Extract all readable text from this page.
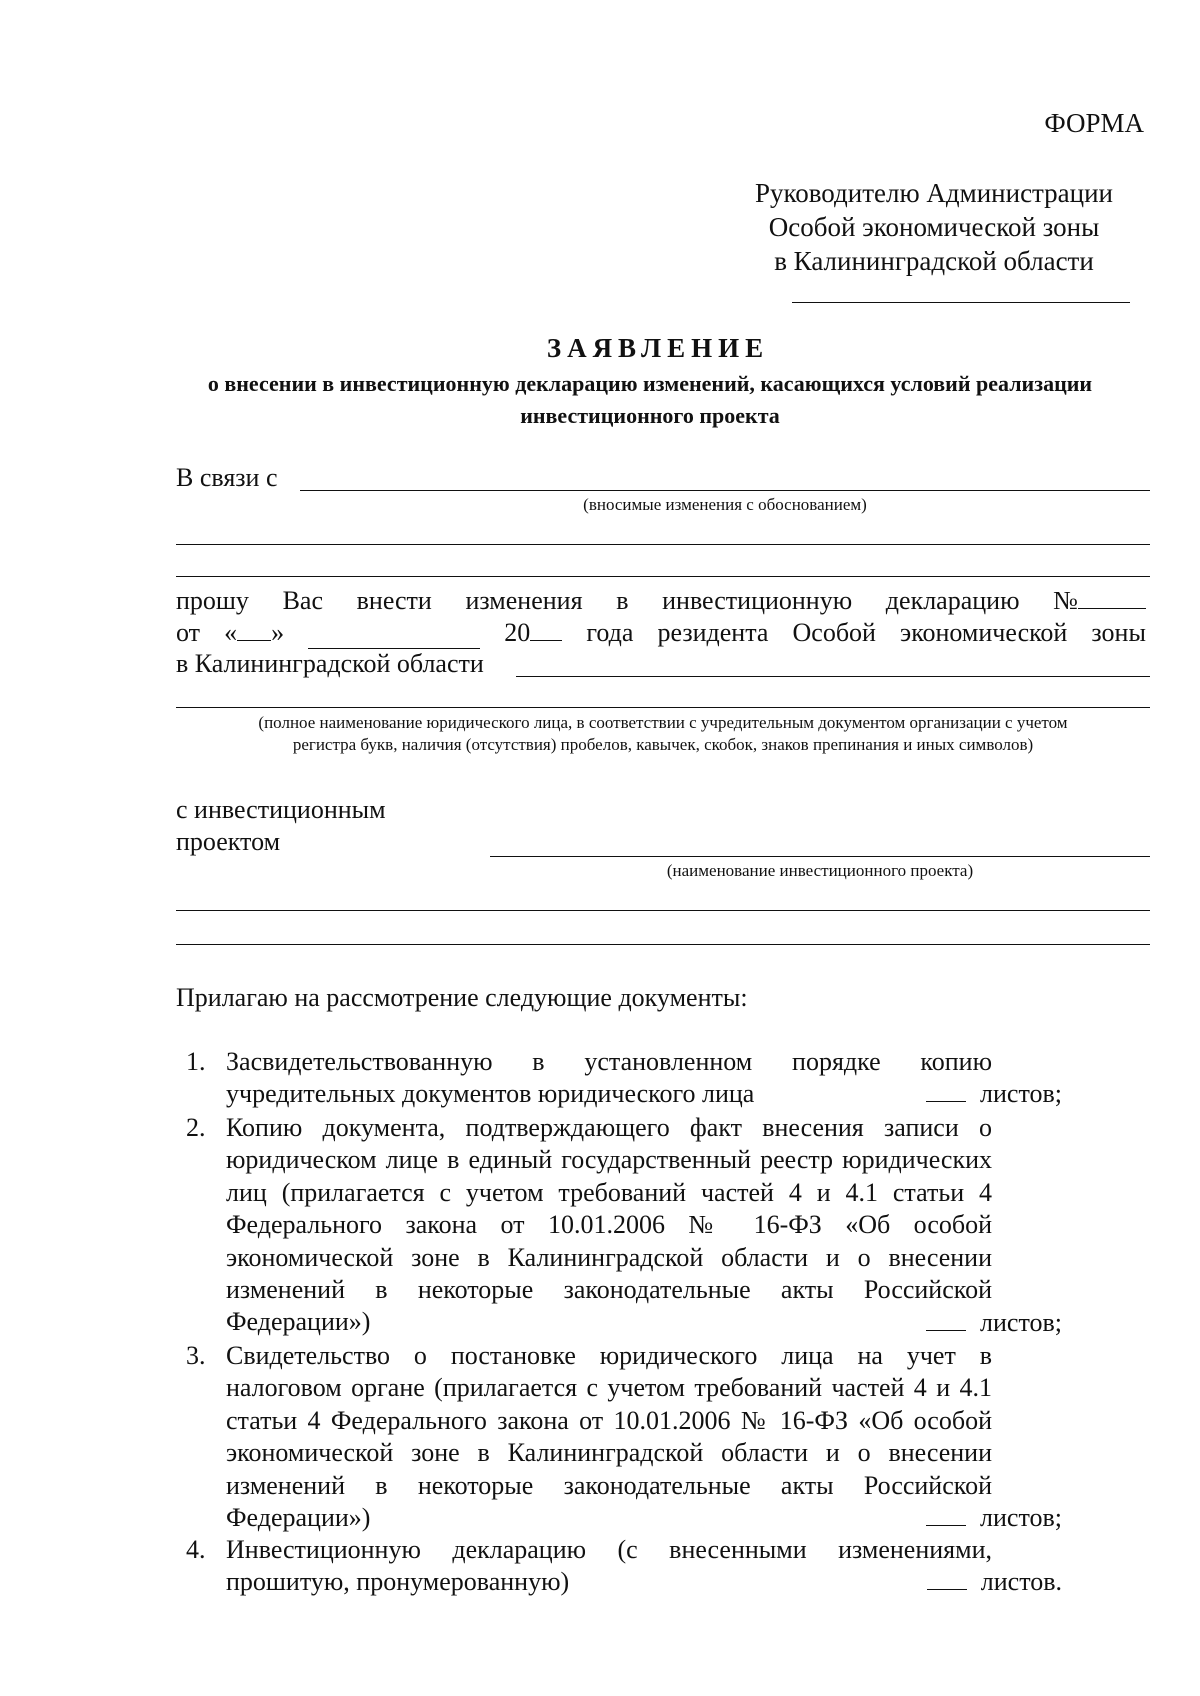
ФОРМА
Руководителю Администрации
Особой экономической зоны
в Калининградской области
ЗАЯВЛЕНИЕ
о внесении в инвестиционную декларацию изменений, касающихся условий реализации инвестиционного проекта
В связи с
(вносимые изменения с обоснованием)
прошу Вас внести изменения в инвестиционную декларацию №
от « »	20	года резидента Особой экономической зоны
в Калининградской области
(полное наименование юридического лица, в соответствии с учредительным документом организации с учетом
регистра букв, наличия (отсутствия) пробелов, кавычек, скобок, знаков препинания и иных символов)
с инвестиционным
проектом
(наименование инвестиционного проекта)
Прилагаю на рассмотрение следующие документы:
1. Засвидетельствованную в установленном порядке копию учредительных документов юридического лица	листов;
2. Копию документа, подтверждающего факт внесения записи о юридическом лице в единый государственный реестр юридических лиц (прилагается с учетом требований частей 4 и 4.1 статьи 4 Федерального закона от 10.01.2006 № 16-ФЗ «Об особой экономической зоне в Калининградской области и о внесении изменений в некоторые законодательные акты Российской Федерации»)	листов;
3. Свидетельство о постановке юридического лица на учет в налоговом органе (прилагается с учетом требований частей 4 и 4.1 статьи 4 Федерального закона от 10.01.2006 № 16-ФЗ «Об особой экономической зоне в Калининградской области и о внесении изменений в некоторые законодательные акты Российской Федерации»)	листов;
4. Инвестиционную декларацию (с внесенными изменениями, прошитую, пронумерованную)	листов.
